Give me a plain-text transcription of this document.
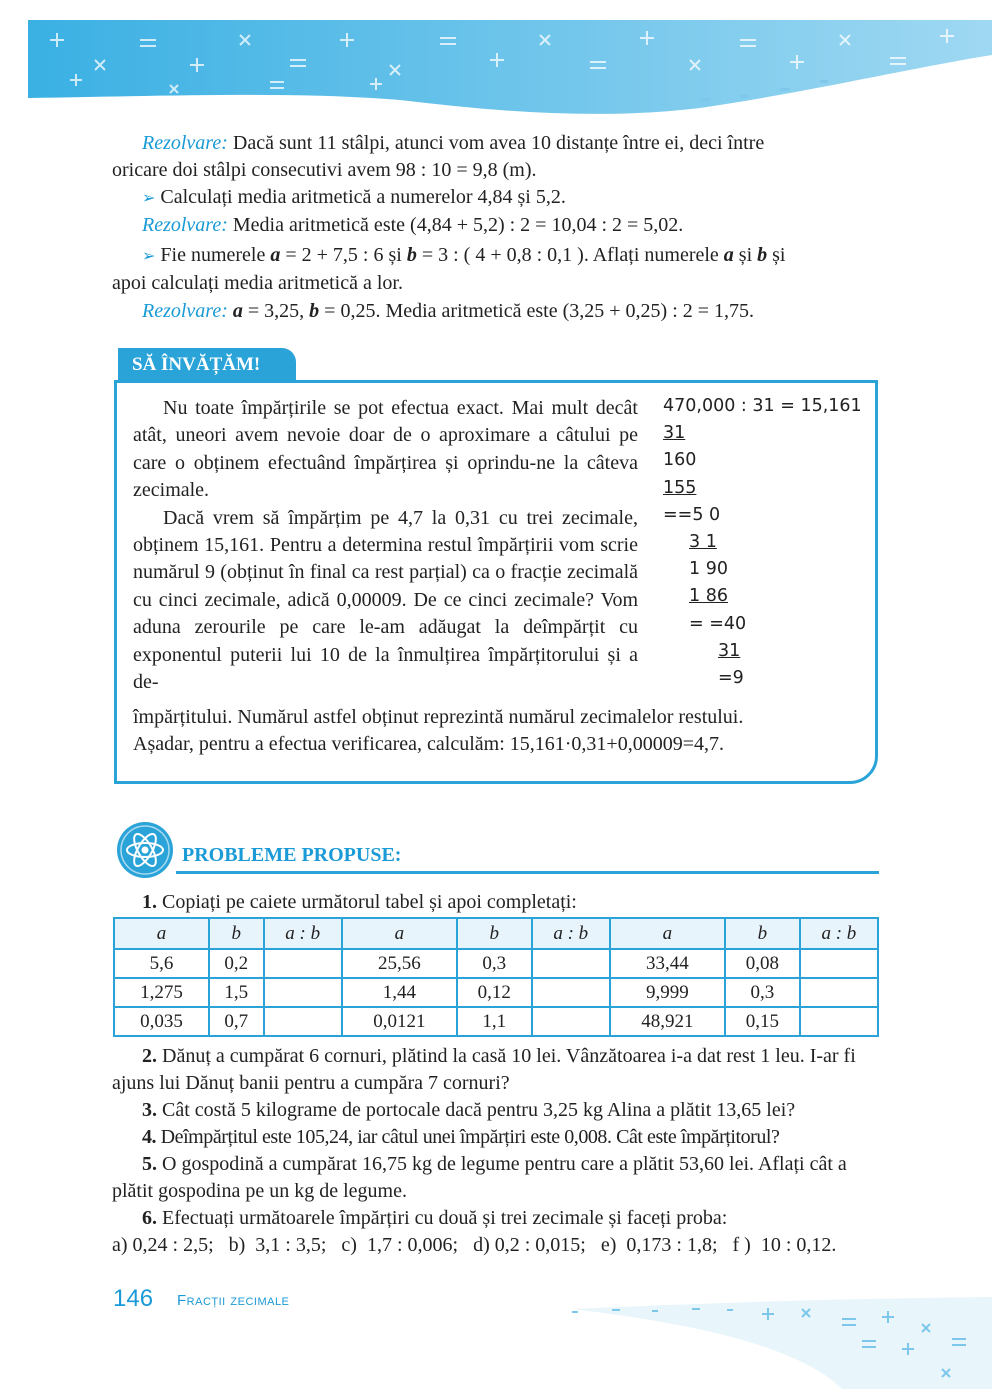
Rezolvare: Dacă sunt 11 stâlpi, atunci vom avea 10 distanțe între ei, deci între
oricare doi stâlpi consecutivi avem 98 : 10 = 9,8 (m).
➢ Calculați media aritmetică a numerelor 4,84 și 5,2.
Rezolvare: Media aritmetică este (4,84 + 5,2) : 2 = 10,04 : 2 = 5,02.
➢ Fie numerele a = 2 + 7,5 : 6 și b = 3 : ( 4 + 0,8 : 0,1 ). Aflați numerele a și b și
apoi calculați media aritmetică a lor.
Rezolvare: a = 3,25, b = 0,25. Media aritmetică este (3,25 + 0,25) : 2 = 1,75.
SĂ ÎNVĂȚĂM!
Nu toate împărțirile se pot efectua exact. Mai mult decât atât, uneori avem nevoie doar de o aproximare a câtului pe care o obținem efectuând împărțirea și oprindu-ne la câteva zecimale.
Dacă vrem să împărțim pe 4,7 la 0,31 cu trei zecimale, obținem 15,161. Pentru a determina restul împărțirii vom scrie numărul 9 (obținut în final ca rest parțial) ca o fracție zecimală cu cinci zecimale, adică 0,00009. De ce cinci zecimale? Vom aduna zerourile pe care le-am adăugat la deîmpărțit cu exponentul puterii lui 10 de la înmulțirea împărțitorului și a de-
împărțitului. Numărul astfel obținut reprezintă numărul zecimalelor restului.
Așadar, pentru a efectua verificarea, calculăm: 15,161·0,31+0,00009=4,7.
470,000 : 31 = 15,161
31
160
155
==5 0
3 1
1 90
1 86
= =40
31
=9
PROBLEME PROPUSE:
1. Copiați pe caiete următorul tabel și apoi completați:
a	b	a : b	a	b	a : b	a	b	a : b
5,6	0,2		25,56	0,3		33,44	0,08	
1,275	1,5		1,44	0,12		9,999	0,3	
0,035	0,7		0,0121	1,1		48,921	0,15	
2. Dănuț a cumpărat 6 cornuri, plătind la casă 10 lei. Vânzătoarea i-a dat rest 1 leu. I-ar fi ajuns lui Dănuț banii pentru a cumpăra 7 cornuri?
3. Cât costă 5 kilograme de portocale dacă pentru 3,25 kg Alina a plătit 13,65 lei?
4. Deîmpărțitul este 105,24, iar câtul unei împărțiri este 0,008. Cât este împărțitorul?
5. O gospodină a cumpărat 16,75 kg de legume pentru care a plătit 53,60 lei. Aflați cât a plătit gospodina pe un kg de legume.
6. Efectuați următoarele împărțiri cu două și trei zecimale și faceți proba:
a) 0,24 : 2,5;   b)  3,1 : 3,5;   c)  1,7 : 0,006;   d) 0,2 : 0,015;   e)  0,173 : 1,8;   f )  10 : 0,12.
146 Fracții zecimale
